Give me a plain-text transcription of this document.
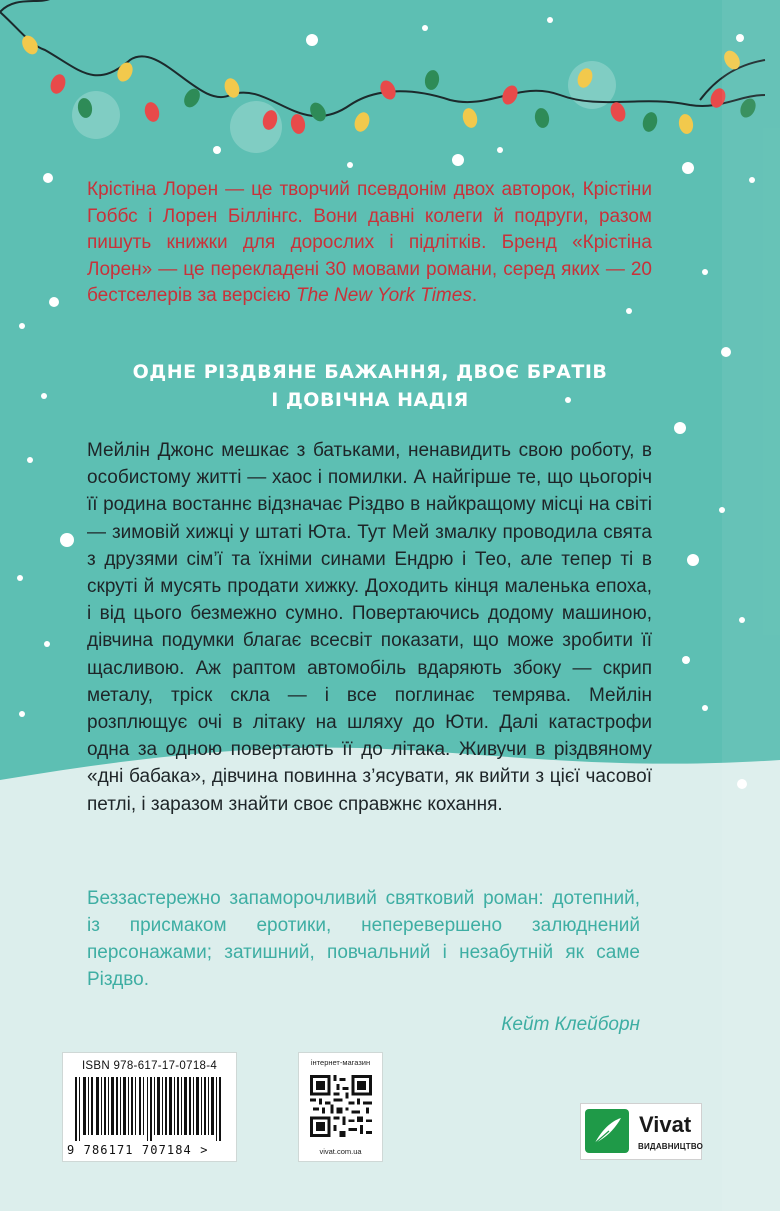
Крістіна Лорен — це творчий псевдонім двох авторок, Крістіни Гоббс і Лорен Біллінгс. Вони давні колеги й подруги, разом пишуть книжки для дорослих і підлітків. Бренд «Крістіна Лорен» — це перекладені 30 мовами романи, серед яких — 20 бестселерів за версією The New York Times.

ОДНЕ РІЗДВЯНЕ БАЖАННЯ, ДВОЄ БРАТІВ
І ДОВІЧНА НАДІЯ

Мейлін Джонс мешкає з батьками, ненавидить свою роботу, в особистому житті — хаос і помилки. А найгірше те, що цьогоріч її родина востаннє відзначає Різдво в найкращому місці на світі — зимовій хижці у штаті Юта. Тут Мей змалку проводила свята з друзями сім’ї та їхніми синами Ендрю і Тео, але тепер ті в скруті й мусять продати хижку. Доходить кінця маленька епоха, і від цього безмежно сумно. Повертаючись додому машиною, дівчина подумки благає всесвіт показати, що може зробити її щасливою. Аж раптом автомобіль вдаряють збоку — скрип металу, тріск скла — і все поглинає темрява. Мейлін розплющує очі в літаку на шляху до Юти. Далі катастрофи одна за одною повертають її до літака. Живучи в різдвяному «дні бабака», дівчина повинна з’ясувати, як вийти з цієї часової петлі, і заразом знайти своє справжнє кохання.

Беззастережно запаморочливий святковий роман: дотепний, із присмаком еротики, неперевершено залюднений персонажами; затишний, повчальний і незабутній як саме Різдво.

Кейт Клейборн
ISBN 978-617-17-0718-4
9 786171 707184 >
інтернет-магазин
vivat.com.ua
Vivat
ВИДАВНИЦТВО
